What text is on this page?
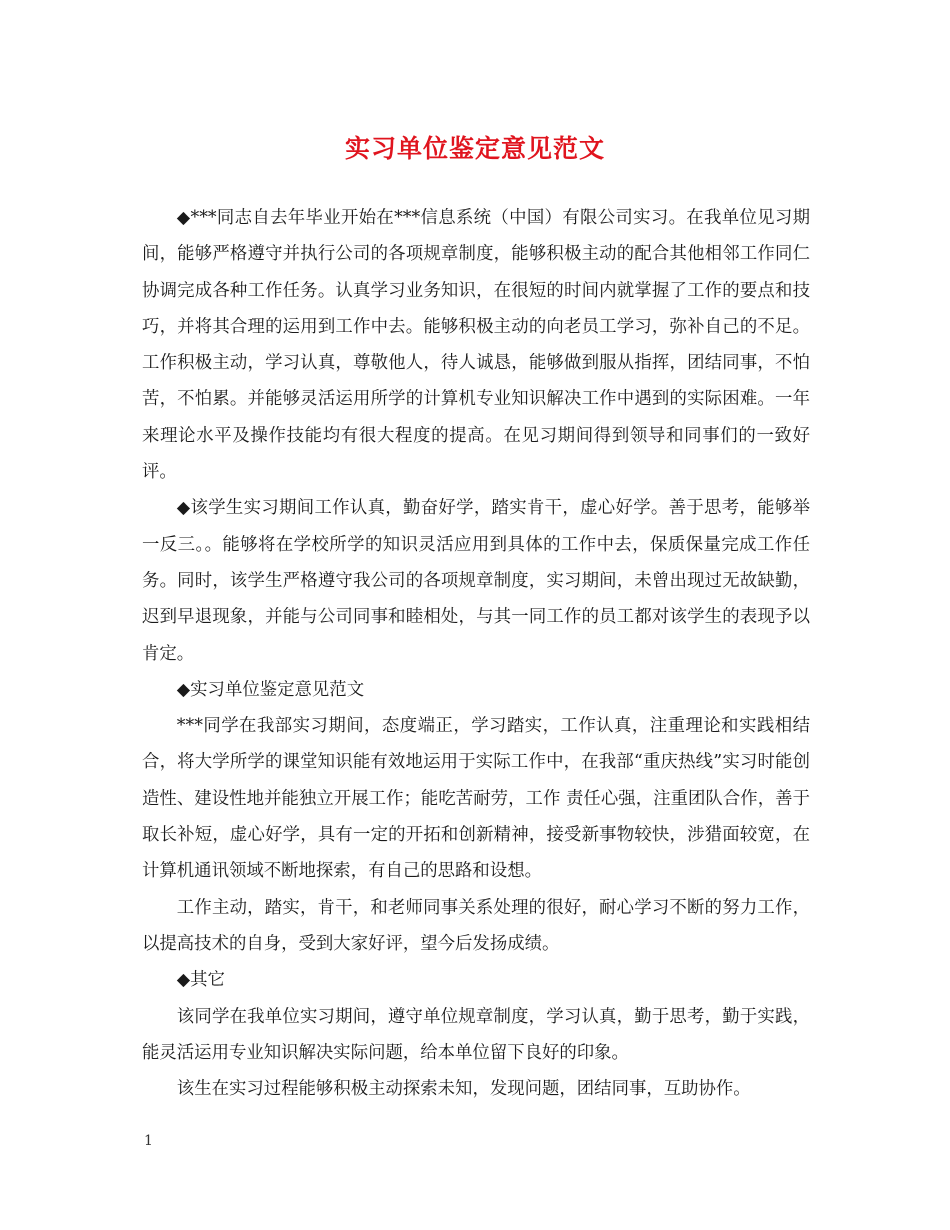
实习单位鉴定意见范文

◆***同志自去年毕业开始在***信息系统（中国）有限公司实习。在我单位见习期间，能够严格遵守并执行公司的各项规章制度，能够积极主动的配合其他相邻工作同仁协调完成各种工作任务。认真学习业务知识，在很短的时间内就掌握了工作的要点和技巧，并将其合理的运用到工作中去。能够积极主动的向老员工学习，弥补自己的不足。工作积极主动，学习认真，尊敬他人，待人诚恳，能够做到服从指挥，团结同事，不怕苦，不怕累。并能够灵活运用所学的计算机专业知识解决工作中遇到的实际困难。一年来理论水平及操作技能均有很大程度的提高。在见习期间得到领导和同事们的一致好评。

◆该学生实习期间工作认真，勤奋好学，踏实肯干，虚心好学。善于思考，能够举一反三。。能够将在学校所学的知识灵活应用到具体的工作中去，保质保量完成工作任务。同时，该学生严格遵守我公司的各项规章制度，实习期间，未曾出现过无故缺勤，迟到早退现象，并能与公司同事和睦相处，与其一同工作的员工都对该学生的表现予以肯定。

◆实习单位鉴定意见范文

***同学在我部实习期间，态度端正，学习踏实，工作认真，注重理论和实践相结合，将大学所学的课堂知识能有效地运用于实际工作中，在我部“重庆热线”实习时能创造性、建设性地并能独立开展工作；能吃苦耐劳，工作 责任心强，注重团队合作，善于取长补短，虚心好学，具有一定的开拓和创新精神，接受新事物较快，涉猎面较宽，在计算机通讯领域不断地探索，有自己的思路和设想。

工作主动，踏实，肯干，和老师同事关系处理的很好，耐心学习不断的努力工作，以提高技术的自身，受到大家好评，望今后发扬成绩。

◆其它

该同学在我单位实习期间，遵守单位规章制度，学习认真，勤于思考，勤于实践，能灵活运用专业知识解决实际问题，给本单位留下良好的印象。

该生在实习过程能够积极主动探索未知，发现问题，团结同事，互助协作。

1
